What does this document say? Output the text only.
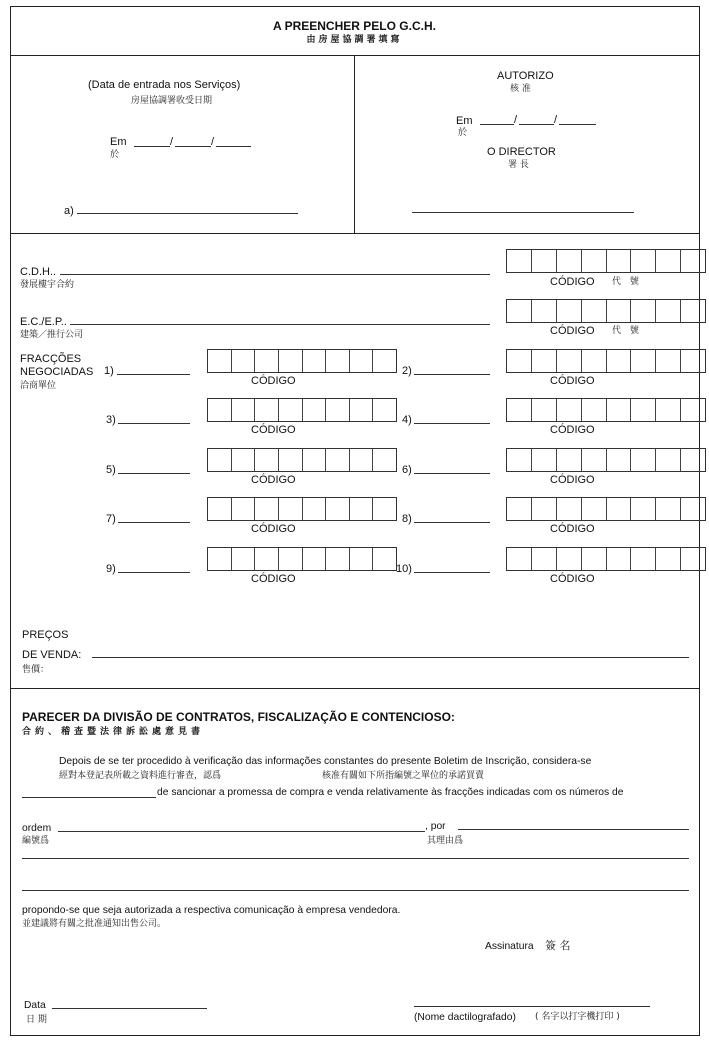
A PREENCHER PELO G.C.H.
由房屋協調署填寫
(Data de entrada nos Serviços)
房屋協調署收受日期
Em
於
/	/
a)
AUTORIZO
核 准
Em
於
/	/
O DIRECTOR
署 長
C.D.H..
發展樓宇合約	CÓDIGO 代 號
E.C./E.P..
建築／推行公司	CÓDIGO 代 號
FRACÇÕES
NEGOCIADAS
洽商單位
1)
CÓDIGO
2)
CÓDIGO
3)
CÓDIGO
4)
CÓDIGO
5)
CÓDIGO
6)
CÓDIGO
7)
CÓDIGO
8)
CÓDIGO
9)
CÓDIGO
10)
CÓDIGO
PREÇOS
DE VENDA:
售價：
PARECER DA DIVISÃO DE CONTRATOS, FISCALIZAÇÃO E CONTENCIOSO:
合約、稽查暨法律訴訟處意見書
Depois de se ter procedido à verificação das informações constantes do presente Boletim de Inscrição, considera-se
經對本登記表所載之資料進行審查，認爲	核准有關如下所指編號之單位的承諾買賣
de sancionar a promessa de compra e venda relativamente às fracções indicadas com os números de
ordem
編號爲
, por
其理由爲
propondo-se que seja autorizada a respectiva comunicação à empresa vendedora.
並建議將有關之批准通知出售公司。
Assinatura 簽 名
Data
日 期	(Nome dactilografado) ( 名字以打字機打印 )
